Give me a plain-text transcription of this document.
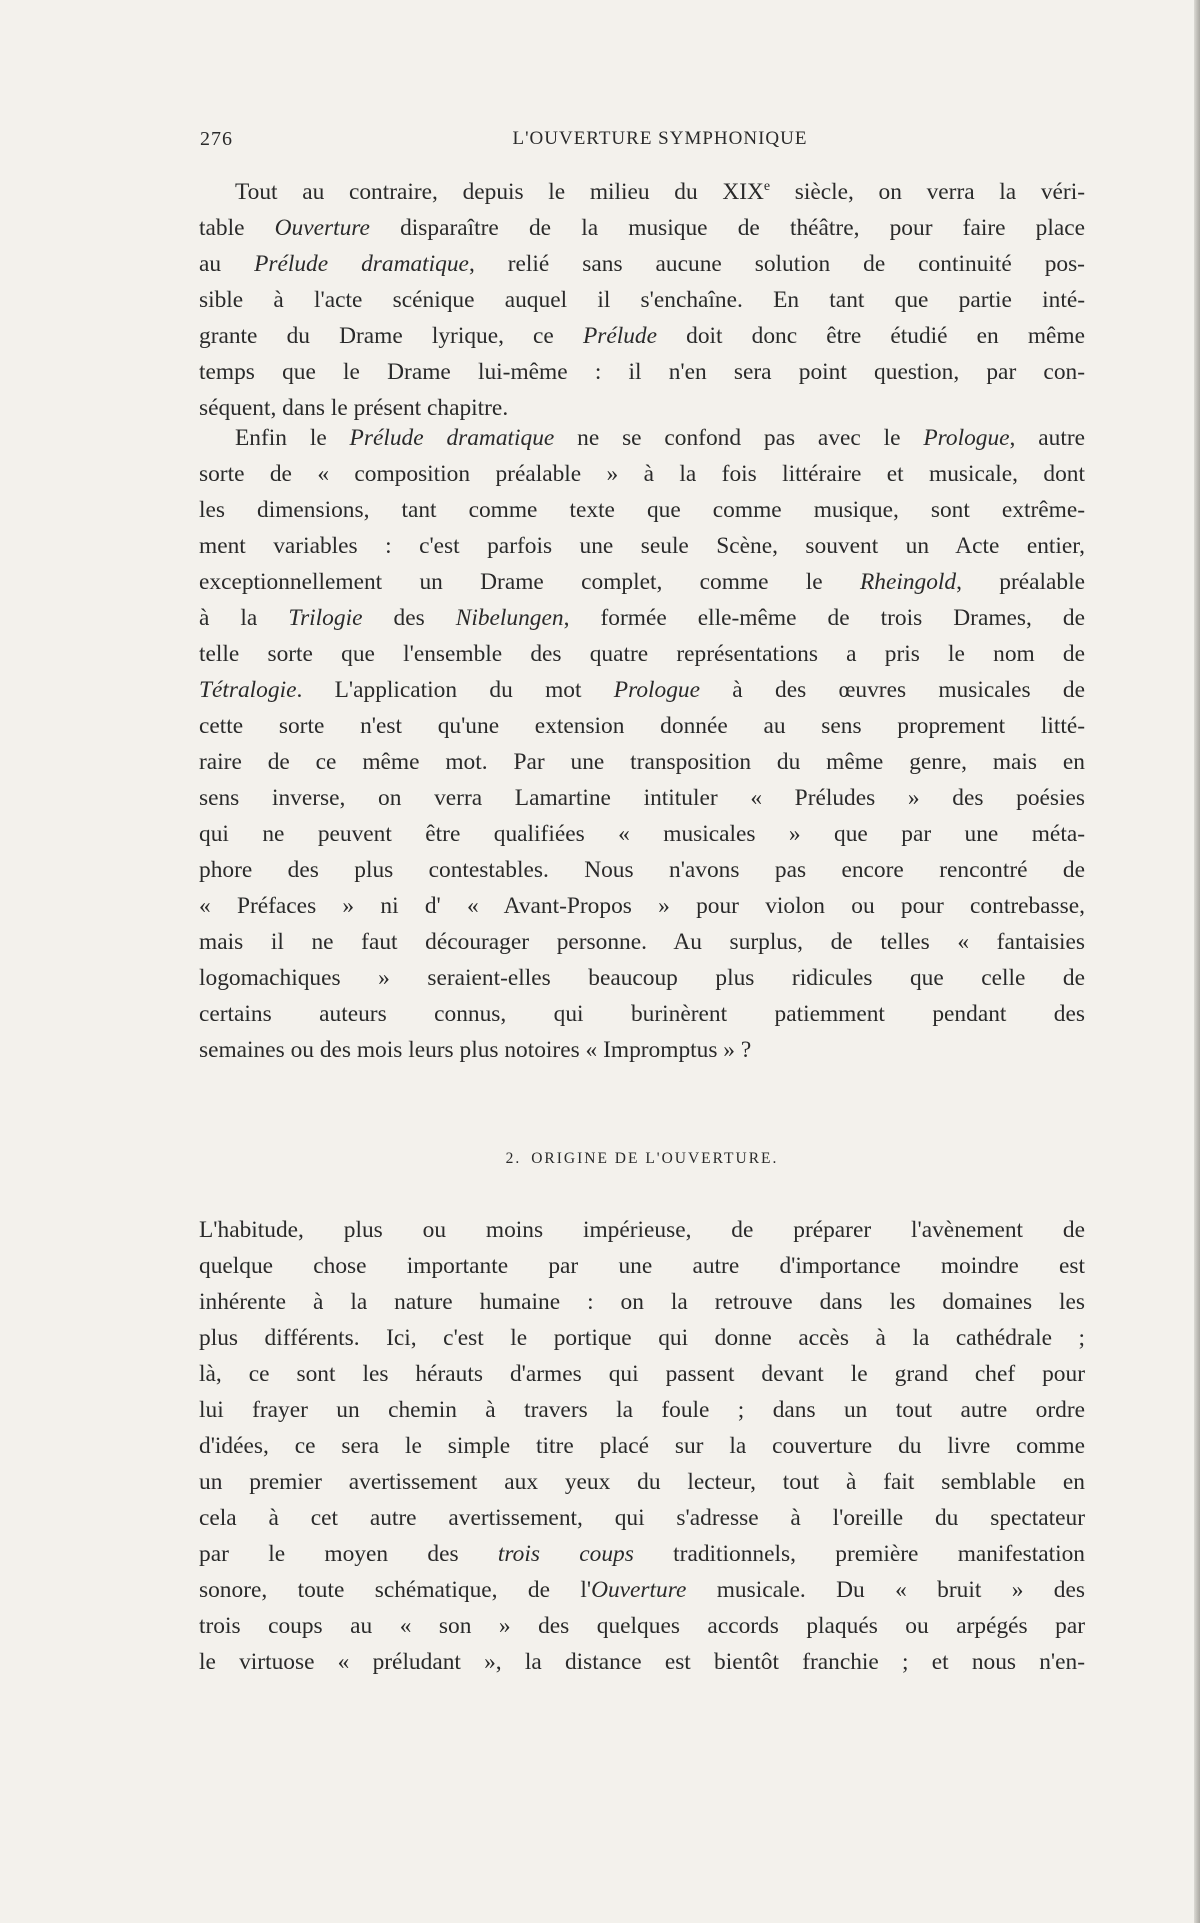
276	L'OUVERTURE SYMPHONIQUE
Tout au contraire, depuis le milieu du XIXe siècle, on verra la véri-
table Ouverture disparaître de la musique de théâtre, pour faire place
au Prélude dramatique, relié sans aucune solution de continuité pos-
sible à l'acte scénique auquel il s'enchaîne. En tant que partie inté-
grante du Drame lyrique, ce Prélude doit donc être étudié en même
temps que le Drame lui-même : il n'en sera point question, par con-
séquent, dans le présent chapitre.
Enfin le Prélude dramatique ne se confond pas avec le Prologue, autre
sorte de « composition préalable » à la fois littéraire et musicale, dont
les dimensions, tant comme texte que comme musique, sont extrême-
ment variables : c'est parfois une seule Scène, souvent un Acte entier,
exceptionnellement un Drame complet, comme le Rheingold, préalable
à la Trilogie des Nibelungen, formée elle-même de trois Drames, de
telle sorte que l'ensemble des quatre représentations a pris le nom de
Tétralogie. L'application du mot Prologue à des œuvres musicales de
cette sorte n'est qu'une extension donnée au sens proprement litté-
raire de ce même mot. Par une transposition du même genre, mais en
sens inverse, on verra Lamartine intituler « Préludes » des poésies
qui ne peuvent être qualifiées « musicales » que par une méta-
phore des plus contestables. Nous n'avons pas encore rencontré de
« Préfaces » ni d' « Avant-Propos » pour violon ou pour contrebasse,
mais il ne faut décourager personne. Au surplus, de telles « fantaisies
logomachiques » seraient-elles beaucoup plus ridicules que celle de
certains auteurs connus, qui burinèrent patiemment pendant des
semaines ou des mois leurs plus notoires « Impromptus » ?
2. ORIGINE DE L'OUVERTURE.
L'habitude, plus ou moins impérieuse, de préparer l'avènement de
quelque chose importante par une autre d'importance moindre est
inhérente à la nature humaine : on la retrouve dans les domaines les
plus différents. Ici, c'est le portique qui donne accès à la cathédrale ;
là, ce sont les hérauts d'armes qui passent devant le grand chef pour
lui frayer un chemin à travers la foule ; dans un tout autre ordre
d'idées, ce sera le simple titre placé sur la couverture du livre comme
un premier avertissement aux yeux du lecteur, tout à fait semblable en
cela à cet autre avertissement, qui s'adresse à l'oreille du spectateur
par le moyen des trois coups traditionnels, première manifestation
sonore, toute schématique, de l'Ouverture musicale. Du « bruit » des
trois coups au « son » des quelques accords plaqués ou arpégés par
le virtuose « préludant », la distance est bientôt franchie ; et nous n'en-
